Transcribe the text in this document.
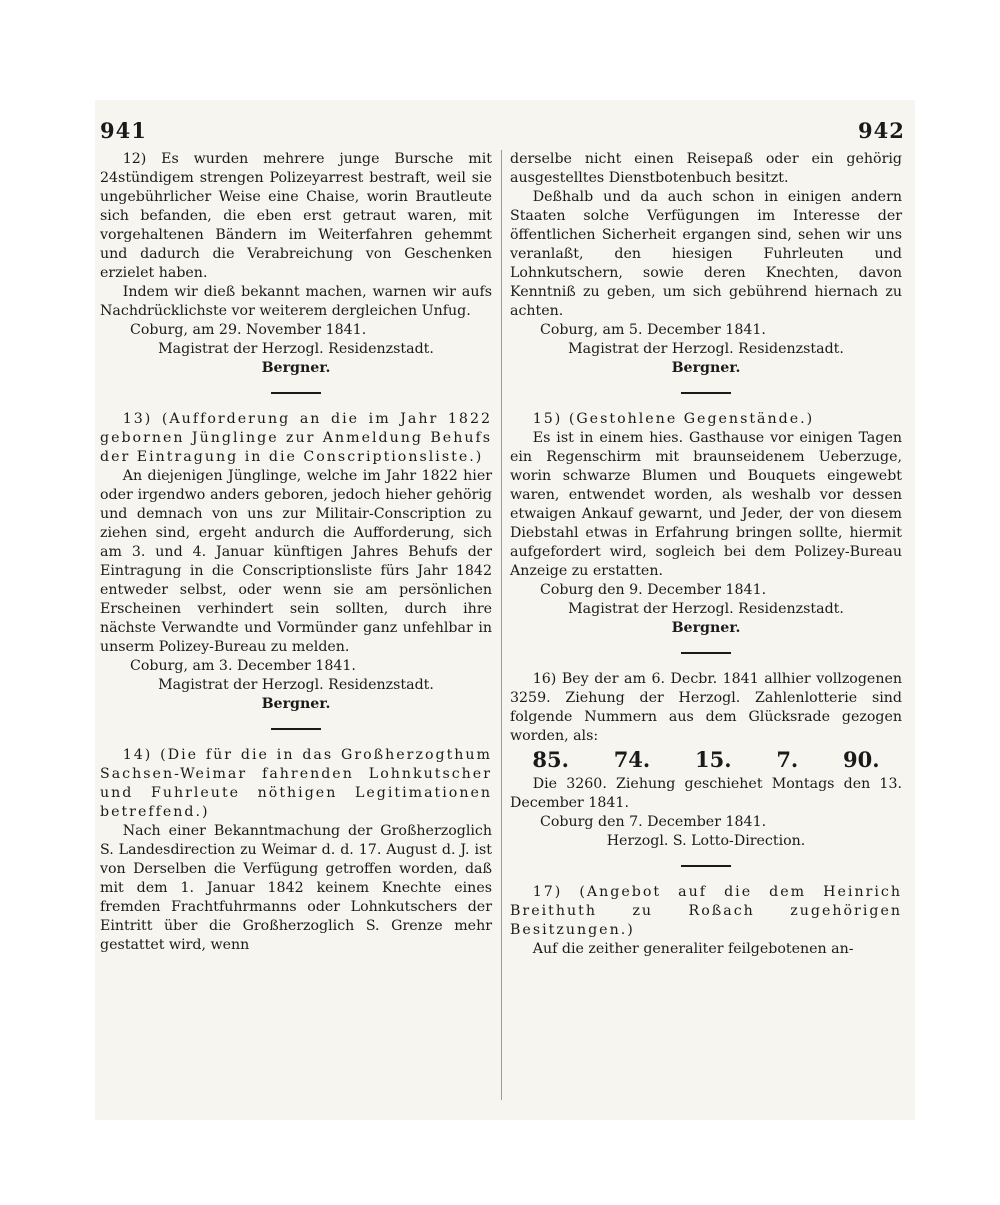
941	942

12) Es wurden mehrere junge Bursche mit 24stündigem strengen Polizeyarrest bestraft, weil sie ungebührlicher Weise eine Chaise, worin Brautleute sich befanden, die eben erst getraut waren, mit vorgehaltenen Bändern im Weiterfahren gehemmt und dadurch die Verabreichung von Geschenken erzielet haben.

Indem wir dieß bekannt machen, warnen wir aufs Nachdrücklichste vor weiterem dergleichen Unfug.

Coburg, am 29. November 1841.

Magistrat der Herzogl. Residenzstadt.

Bergner.

13) (Aufforderung an die im Jahr 1822 gebornen Jünglinge zur Anmeldung Behufs der Eintragung in die Conscriptionsliste.)

An diejenigen Jünglinge, welche im Jahr 1822 hier oder irgendwo anders geboren, jedoch hieher gehörig und demnach von uns zur Militair-Conscription zu ziehen sind, ergeht andurch die Aufforderung, sich am 3. und 4. Januar künftigen Jahres Behufs der Eintragung in die Conscriptionsliste fürs Jahr 1842 entweder selbst, oder wenn sie am persönlichen Erscheinen verhindert sein sollten, durch ihre nächste Verwandte und Vormünder ganz unfehlbar in unserm Polizey-Bureau zu melden.

Coburg, am 3. December 1841.

Magistrat der Herzogl. Residenzstadt.

Bergner.

14) (Die für die in das Großherzogthum Sachsen-Weimar fahrenden Lohnkutscher und Fuhrleute nöthigen Legitimationen betreffend.)

Nach einer Bekanntmachung der Großherzoglich S. Landesdirection zu Weimar d. d. 17. August d. J. ist von Derselben die Verfügung getroffen worden, daß mit dem 1. Januar 1842 keinem Knechte eines fremden Frachtfuhrmanns oder Lohnkutschers der Eintritt über die Großherzoglich S. Grenze mehr gestattet wird, wenn

derselbe nicht einen Reisepaß oder ein gehörig ausgestelltes Dienstbotenbuch besitzt.

Deßhalb und da auch schon in einigen andern Staaten solche Verfügungen im Interesse der öffentlichen Sicherheit ergangen sind, sehen wir uns veranlaßt, den hiesigen Fuhrleuten und Lohnkutschern, sowie deren Knechten, davon Kenntniß zu geben, um sich gebührend hiernach zu achten.

Coburg, am 5. December 1841.

Magistrat der Herzogl. Residenzstadt.

Bergner.

15) (Gestohlene Gegenstände.)

Es ist in einem hies. Gasthause vor einigen Tagen ein Regenschirm mit braunseidenem Ueberzuge, worin schwarze Blumen und Bouquets eingewebt waren, entwendet worden, als weshalb vor dessen etwaigen Ankauf gewarnt, und Jeder, der von diesem Diebstahl etwas in Erfahrung bringen sollte, hiermit aufgefordert wird, sogleich bei dem Polizey-Bureau Anzeige zu erstatten.

Coburg den 9. December 1841.

Magistrat der Herzogl. Residenzstadt.

Bergner.

16) Bey der am 6. Decbr. 1841 allhier vollzogenen 3259. Ziehung der Herzogl. Zahlenlotterie sind folgende Nummern aus dem Glücksrade gezogen worden, als:

85. 74. 15. 7. 90.

Die 3260. Ziehung geschiehet Montags den 13. December 1841.

Coburg den 7. December 1841.

Herzogl. S. Lotto-Direction.

17) (Angebot auf die dem Heinrich Breithuth zu Roßach zugehörigen Besitzungen.)

Auf die zeither generaliter feilgebotenen an-
